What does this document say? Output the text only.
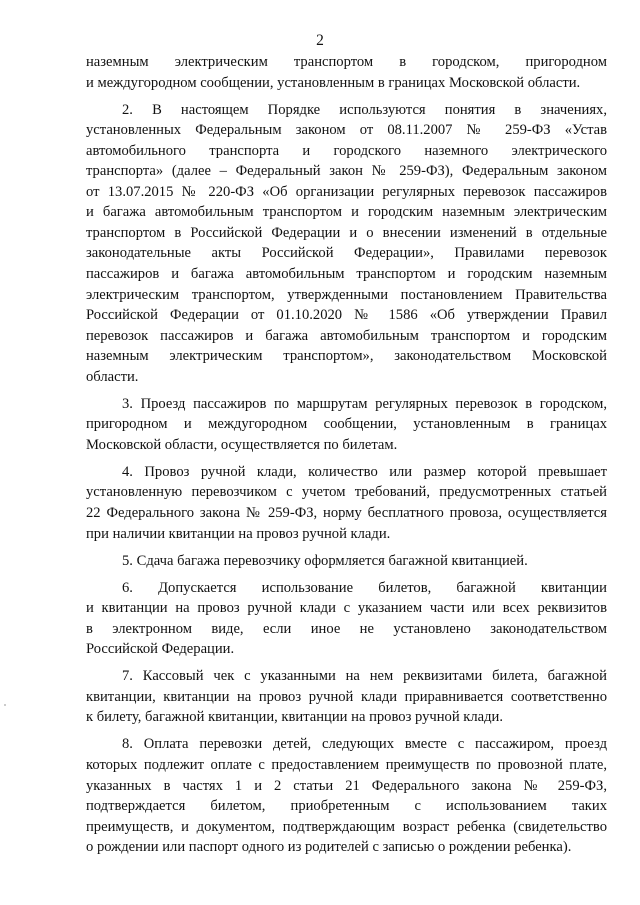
2

наземным электрическим транспортом в городском, пригородном
и междугородном сообщении, установленным в границах Московской области.

2. В настоящем Порядке используются понятия в значениях,
установленных Федеральным законом от 08.11.2007 № 259-ФЗ «Устав
автомобильного транспорта и городского наземного электрического
транспорта» (далее – Федеральный закон № 259-ФЗ), Федеральным законом
от 13.07.2015 № 220-ФЗ «Об организации регулярных перевозок пассажиров
и багажа автомобильным транспортом и городским наземным электрическим
транспортом в Российской Федерации и о внесении изменений в отдельные
законодательные акты Российской Федерации», Правилами перевозок
пассажиров и багажа автомобильным транспортом и городским наземным
электрическим транспортом, утвержденными постановлением Правительства
Российской Федерации от 01.10.2020 № 1586 «Об утверждении Правил
перевозок пассажиров и багажа автомобильным транспортом и городским
наземным электрическим транспортом», законодательством Московской
области.

3. Проезд пассажиров по маршрутам регулярных перевозок в городском,
пригородном и междугородном сообщении, установленным в границах
Московской области, осуществляется по билетам.

4. Провоз ручной клади, количество или размер которой превышает
установленную перевозчиком с учетом требований, предусмотренных статьей
22 Федерального закона № 259-ФЗ, норму бесплатного провоза, осуществляется
при наличии квитанции на провоз ручной клади.

5. Сдача багажа перевозчику оформляется багажной квитанцией.

6. Допускается использование билетов, багажной квитанции
и квитанции на провоз ручной клади с указанием части или всех реквизитов
в электронном виде, если иное не установлено законодательством
Российской Федерации.

7. Кассовый чек с указанными на нем реквизитами билета, багажной
квитанции, квитанции на провоз ручной клади приравнивается соответственно
к билету, багажной квитанции, квитанции на провоз ручной клади.

8. Оплата перевозки детей, следующих вместе с пассажиром, проезд
которых подлежит оплате с предоставлением преимуществ по провозной плате,
указанных в частях 1 и 2 статьи 21 Федерального закона № 259-ФЗ,
подтверждается билетом, приобретенным с использованием таких
преимуществ, и документом, подтверждающим возраст ребенка (свидетельство
о рождении или паспорт одного из родителей с записью о рождении ребенка).
